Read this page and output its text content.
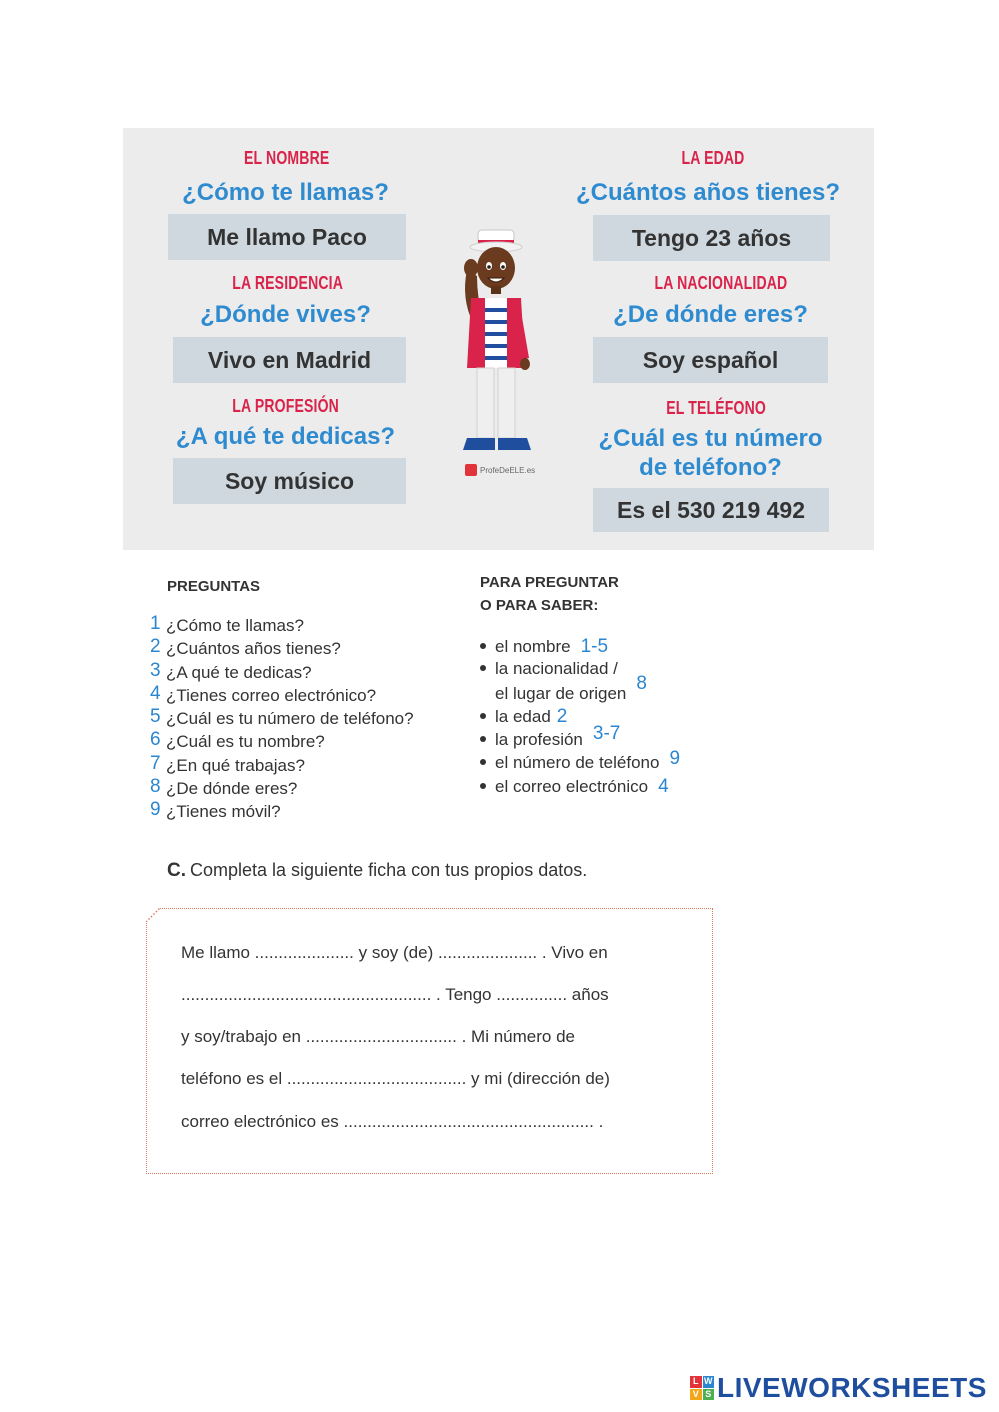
EL NOMBRE
¿Cómo te llamas?
Me llamo Paco
LA RESIDENCIA
¿Dónde vives?
Vivo en Madrid
LA PROFESIÓN
¿A qué te dedicas?
Soy músico
LA EDAD
¿Cuántos años tienes?
Tengo 23 años
LA NACIONALIDAD
¿De dónde eres?
Soy español
EL TELÉFONO
¿Cuál es tu número
de teléfono?
Es el 530 219 492
ProfeDeELE.es
PREGUNTAS
1 ¿Cómo te llamas?
2 ¿Cuántos años tienes?
3 ¿A qué te dedicas?
4 ¿Tienes correo electrónico?
5 ¿Cuál es tu número de teléfono?
6 ¿Cuál es tu nombre?
7 ¿En qué trabajas?
8 ¿De dónde eres?
9 ¿Tienes móvil?
PARA PREGUNTAR
O PARA SABER:
el nombre 1-5
la nacionalidad /
el lugar de origen 8
la edad 2
la profesión 3-7
el número de teléfono 9
el correo electrónico 4
C. Completa la siguiente ficha con tus propios datos.
Me llamo ..................... y soy (de) ..................... . Vivo en
..................................................... . Tengo ............... años
y soy/trabajo en ................................ . Mi número de
teléfono es el ...................................... y mi (dirección de)
correo electrónico es ..................................................... .
L W
V S LIVEWORKSHEETS
